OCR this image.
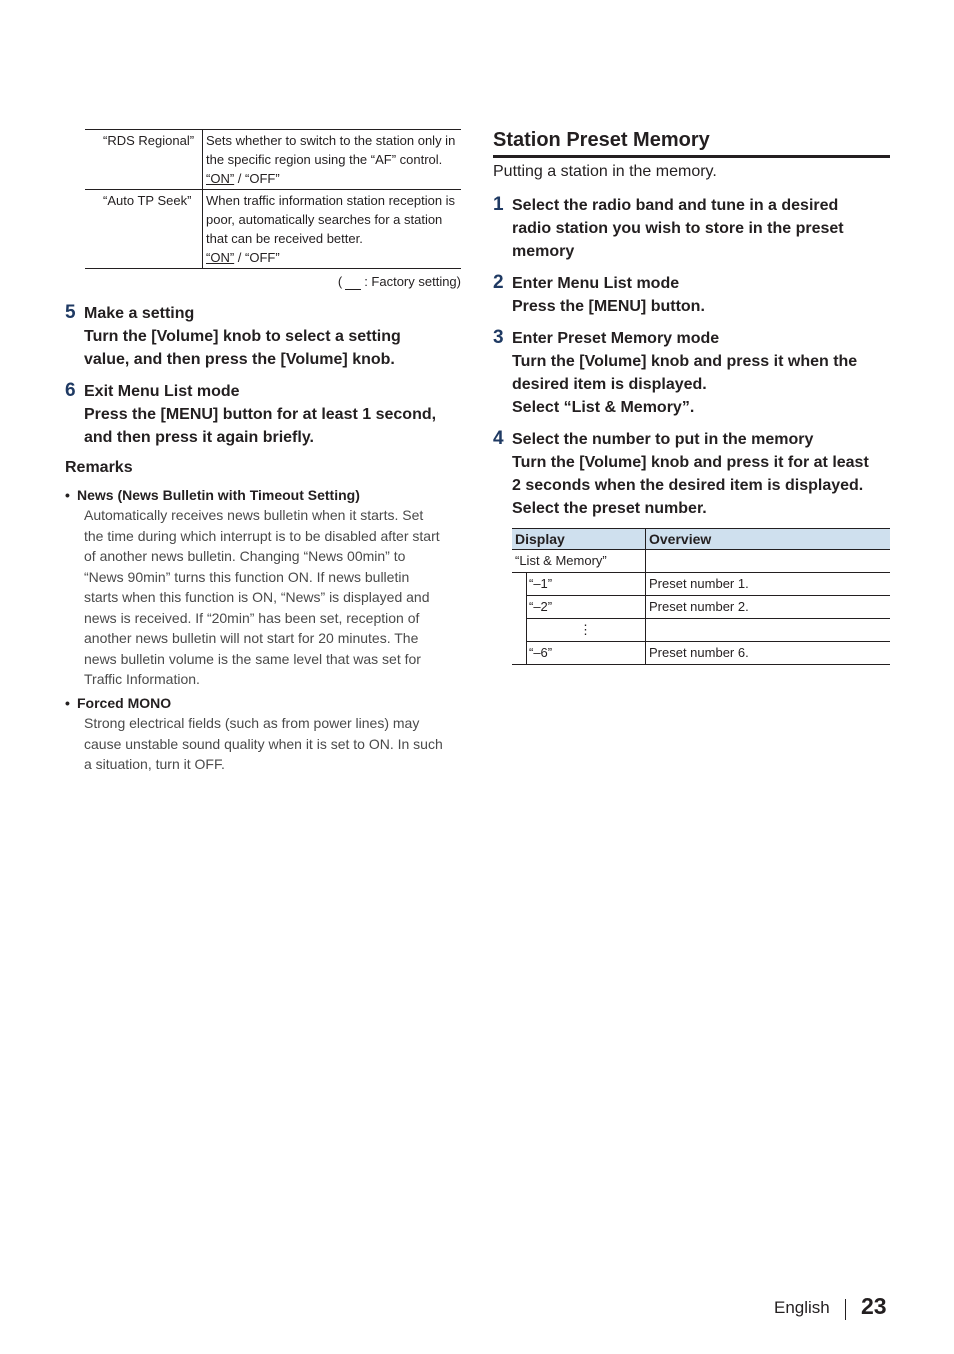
“RDS Regional”	Sets whether to switch to the station only in the specific region using the “AF” control.
“ON” / “OFF”
“Auto TP Seek”	When traffic information station reception is poor, automatically searches for a station that can be received better.
“ON” / “OFF”
( : Factory setting)
5 Make a setting
Turn the [Volume] knob to select a setting
value, and then press the [Volume] knob.
6 Exit Menu List mode
Press the [MENU] button for at least 1 second,
and then press it again briefly.
Remarks
• News (News Bulletin with Timeout Setting)
Automatically receives news bulletin when it starts. Set the time during which interrupt is to be disabled after start of another news bulletin. Changing “News 00min” to “News 90min” turns this function ON. If news bulletin starts when this function is ON, “News” is displayed and news is received. If “20min” has been set, reception of another news bulletin will not start for 20 minutes. The news bulletin volume is the same level that was set for Traffic Information.
• Forced MONO
Strong electrical fields (such as from power lines) may cause unstable sound quality when it is set to ON. In such a situation, turn it OFF.
Station Preset Memory
Putting a station in the memory.
1 Select the radio band and tune in a desired
radio station you wish to store in the preset
memory
2 Enter Menu List mode
Press the [MENU] button.
3 Enter Preset Memory mode
Turn the [Volume] knob and press it when the
desired item is displayed.
Select “List & Memory”.
4 Select the number to put in the memory
Turn the [Volume] knob and press it for at least
2 seconds when the desired item is displayed.
Select the preset number.
Display		Overview
“List & Memory”		
	“–1”	Preset number 1.
	“–2”	Preset number 2.
	⋮	
	“–6”	Preset number 6.
English 23
